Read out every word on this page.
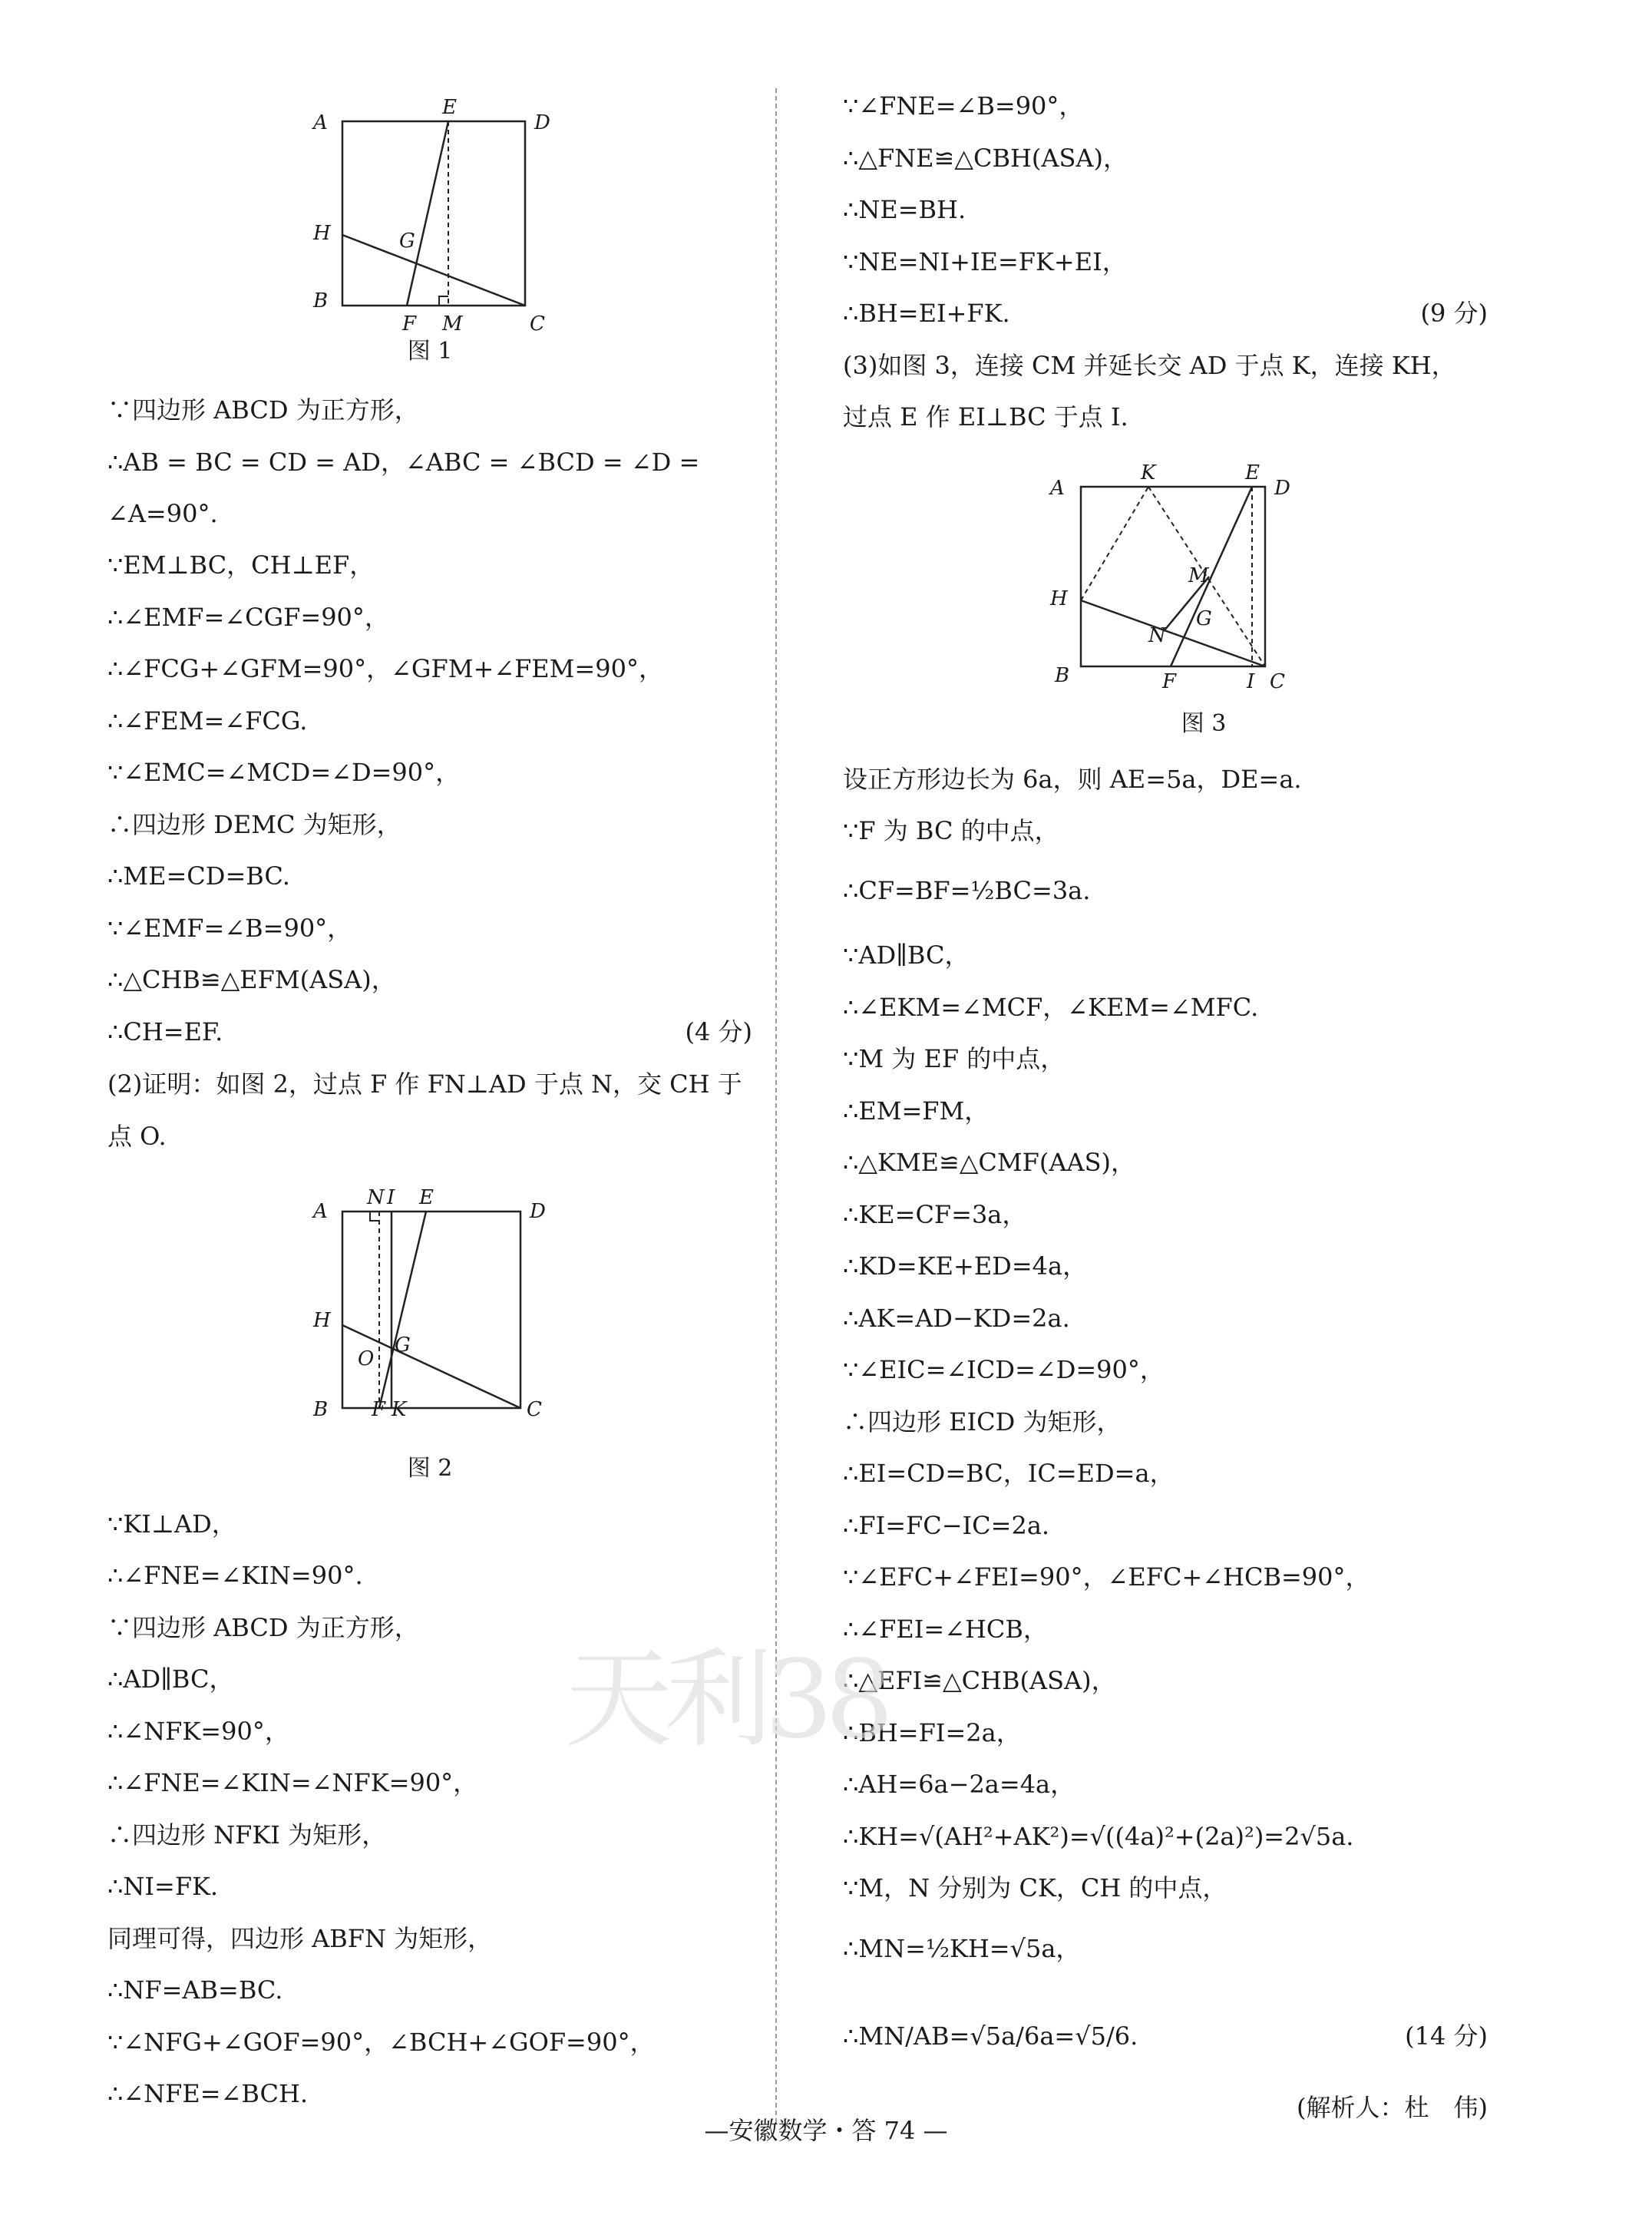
A
E
D
H	G
B
F M	C
图 1
∵四边形 ABCD 为正方形，
∴AB = BC = CD = AD，∠ABC = ∠BCD = ∠D =
∠A=90°.
∵EM⊥BC，CH⊥EF，
∴∠EMF=∠CGF=90°，
∴∠FCG+∠GFM=90°，∠GFM+∠FEM=90°，
∴∠FEM=∠FCG.
∵∠EMC=∠MCD=∠D=90°，
∴四边形 DEMC 为矩形，
∴ME=CD=BC.
∵∠EMF=∠B=90°，
∴△CHB≌△EFM(ASA)，
∴CH=EF.	(4 分)
(2)证明：如图 2，过点 F 作 FN⊥AD 于点 N，交 CH 于
点 O.
A
N I E
D
H
O
G
B F K	C
图 2
∵KI⊥AD，
∴∠FNE=∠KIN=90°.
∵四边形 ABCD 为正方形，
∴AD∥BC，
∴∠NFK=90°，
∴∠FNE=∠KIN=∠NFK=90°，
∴四边形 NFKI 为矩形，
∴NI=FK.
同理可得，四边形 ABFN 为矩形，
∴NF=AB=BC.
∵∠NFG+∠GOF=90°，∠BCH+∠GOF=90°，
∴∠NFE=∠BCH.
∵∠FNE=∠B=90°，
∴△FNE≌△CBH(ASA)，
∴NE=BH.
∵NE=NI+IE=FK+EI，
∴BH=EI+FK.	(9 分)
(3)如图 3，连接 CM 并延长交 AD 于点 K，连接 KH，
过点 E 作 EI⊥BC 于点 I.
A
K	E
D
H
M
G
N
B	F	I C
图 3
设正方形边长为 6a，则 AE=5a，DE=a.
∵F 为 BC 的中点，
∴CF=BF=½BC=3a.
∵AD∥BC，
∴∠EKM=∠MCF，∠KEM=∠MFC.
∵M 为 EF 的中点，
∴EM=FM，
∴△KME≌△CMF(AAS)，
∴KE=CF=3a，
∴KD=KE+ED=4a，
∴AK=AD−KD=2a.
∵∠EIC=∠ICD=∠D=90°，
∴四边形 EICD 为矩形，
∴EI=CD=BC，IC=ED=a，
∴FI=FC−IC=2a.
∵∠EFC+∠FEI=90°，∠EFC+∠HCB=90°，
∴∠FEI=∠HCB，
∴△EFI≌△CHB(ASA)，
∴BH=FI=2a，
∴AH=6a−2a=4a，
∴KH=√(AH²+AK²)=√((4a)²+(2a)²)=2√5a.
∵M，N 分别为 CK，CH 的中点，
∴MN=½KH=√5a，
∴MN/AB=√5a/6a=√5/6.	(14 分)
(解析人：杜　伟)
天利38
—安徽数学・答 74 —
